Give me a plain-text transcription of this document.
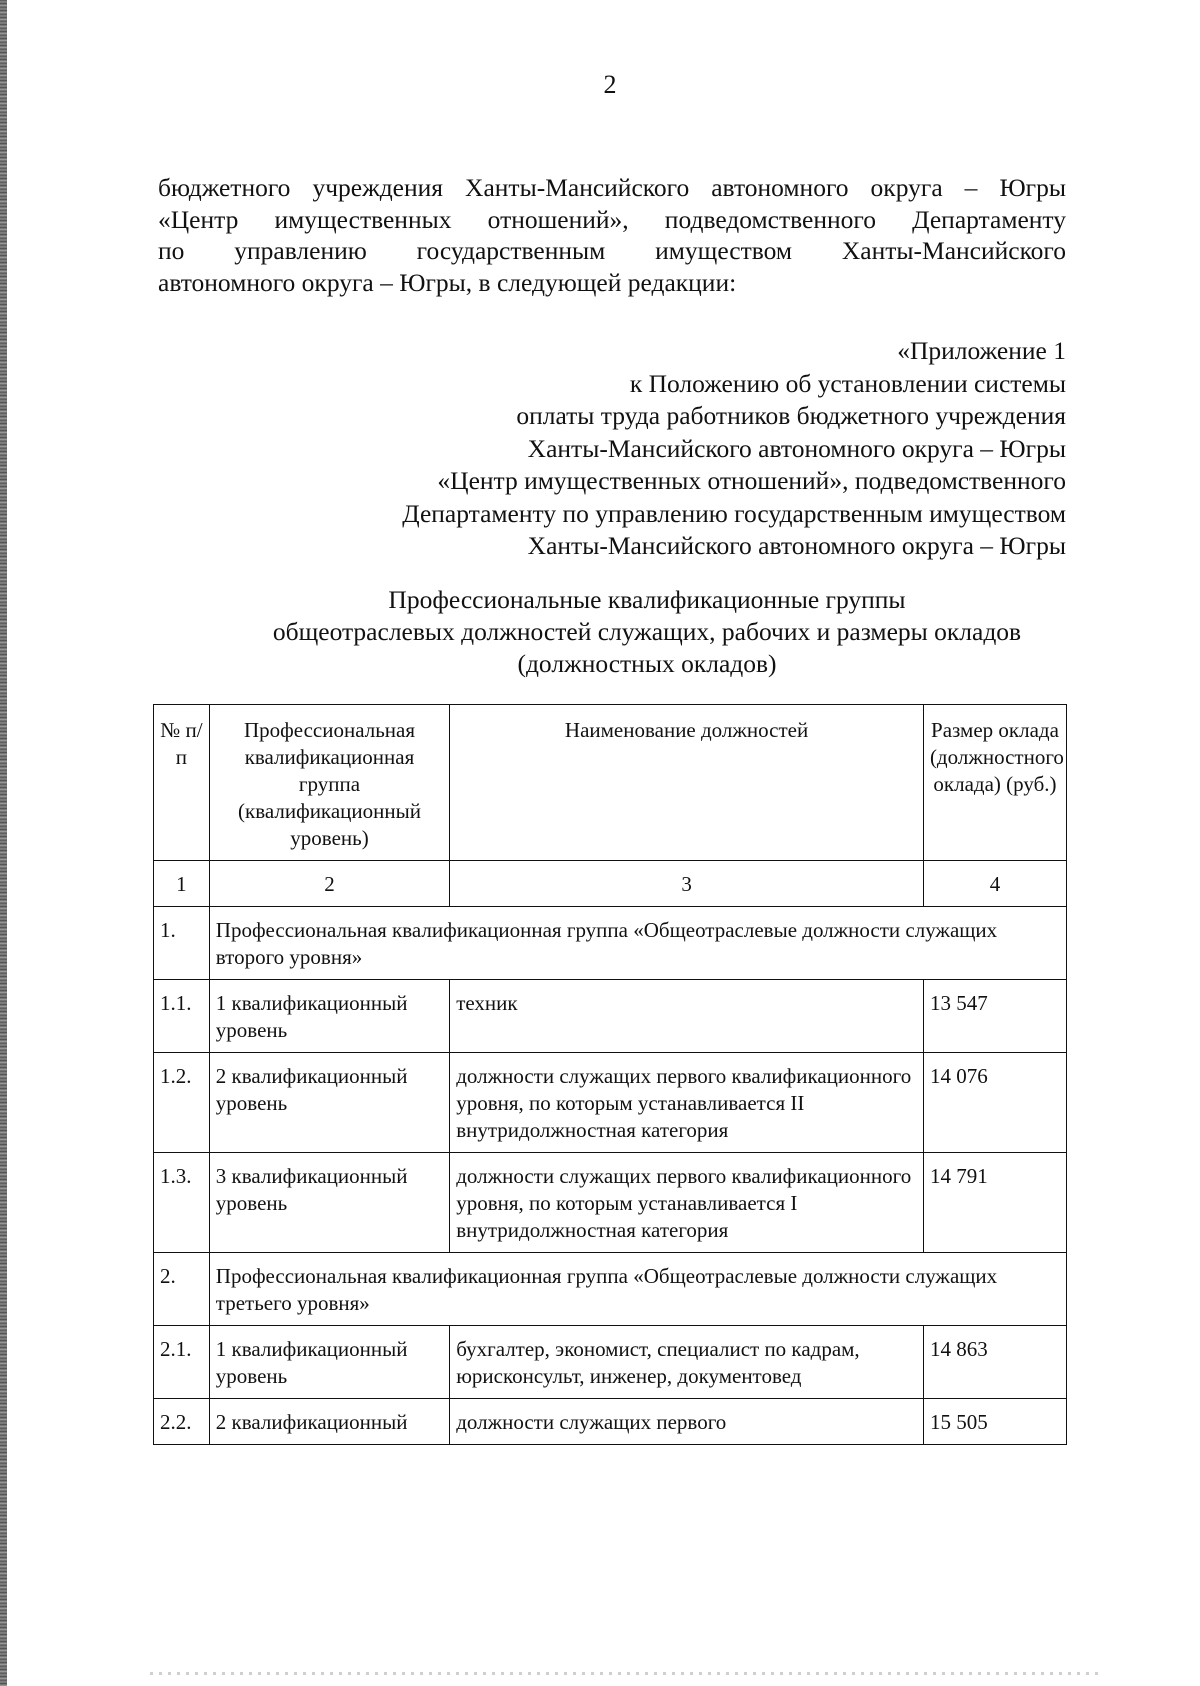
2
бюджетного учреждения Ханты-Мансийского автономного округа – Югры
«Центр имущественных отношений», подведомственного Департаменту
по управлению государственным имуществом Ханты-Мансийского
автономного округа – Югры, в следующей редакции:
«Приложение 1
к Положению об установлении системы
оплаты труда работников бюджетного учреждения
Ханты-Мансийского автономного округа – Югры
«Центр имущественных отношений», подведомственного
Департаменту по управлению государственным имуществом
Ханты-Мансийского автономного округа – Югры
Профессиональные квалификационные группы
общеотраслевых должностей служащих, рабочих и размеры окладов
(должностных окладов)
№ п/п	Профессиональная квалификационная группа (квалификационный уровень)	Наименование должностей	Размер оклада (должностного оклада) (руб.)
1	2	3	4
1.	Профессиональная квалификационная группа «Общеотраслевые должности служащих второго уровня»		
1.1.	1 квалификационный уровень	техник	13 547
1.2.	2 квалификационный уровень	должности служащих первого квалификационного уровня, по которым устанавливается II внутридолжностная категория	14 076
1.3.	3 квалификационный уровень	должности служащих первого квалификационного уровня, по которым устанавливается I внутридолжностная категория	14 791
2.	Профессиональная квалификационная группа «Общеотраслевые должности служащих третьего уровня»		
2.1.	1 квалификационный уровень	бухгалтер, экономист, специалист по кадрам, юрисконсульт, инженер, документовед	14 863
2.2.	2 квалификационный	должности служащих первого	15 505
